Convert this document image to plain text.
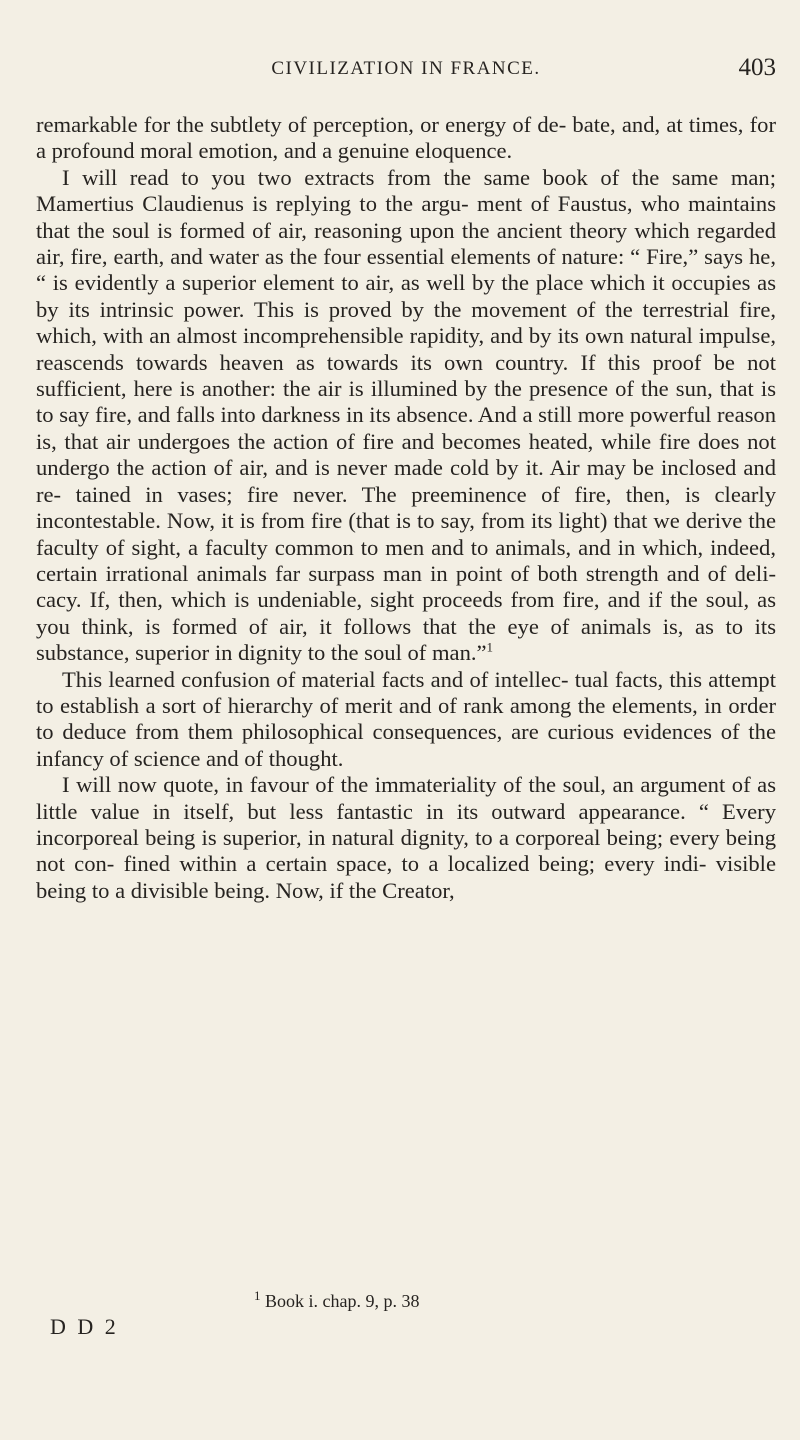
CIVILIZATION IN FRANCE.	403

remarkable for the subtlety of perception, or energy of de- bate, and, at times, for a profound moral emotion, and a genuine eloquence.

I will read to you two extracts from the same book of the same man; Mamertius Claudienus is replying to the argu- ment of Faustus, who maintains that the soul is formed of air, reasoning upon the ancient theory which regarded air, fire, earth, and water as the four essential elements of nature: “ Fire,” says he, “ is evidently a superior element to air, as well by the place which it occupies as by its intrinsic power. This is proved by the movement of the terrestrial fire, which, with an almost incomprehensible rapidity, and by its own natural impulse, reascends towards heaven as towards its own country. If this proof be not sufficient, here is another: the air is illumined by the presence of the sun, that is to say fire, and falls into darkness in its absence. And a still more powerful reason is, that air undergoes the action of fire and becomes heated, while fire does not undergo the action of air, and is never made cold by it. Air may be inclosed and re- tained in vases; fire never. The preeminence of fire, then, is clearly incontestable. Now, it is from fire (that is to say, from its light) that we derive the faculty of sight, a faculty common to men and to animals, and in which, indeed, certain irrational animals far surpass man in point of both strength and of deli- cacy. If, then, which is undeniable, sight proceeds from fire, and if the soul, as you think, is formed of air, it follows that the eye of animals is, as to its substance, superior in dignity to the soul of man.”$^1$

This learned confusion of material facts and of intellec- tual facts, this attempt to establish a sort of hierarchy of merit and of rank among the elements, in order to deduce from them philosophical consequences, are curious evidences of the infancy of science and of thought.

I will now quote, in favour of the immateriality of the soul, an argument of as little value in itself, but less fantastic in its outward appearance. “ Every incorporeal being is superior, in natural dignity, to a corporeal being; every being not con- fined within a certain space, to a localized being; every indi- visible being to a divisible being. Now, if the Creator,

D D 2
$^1$ Book i. chap. 9, p. 38
